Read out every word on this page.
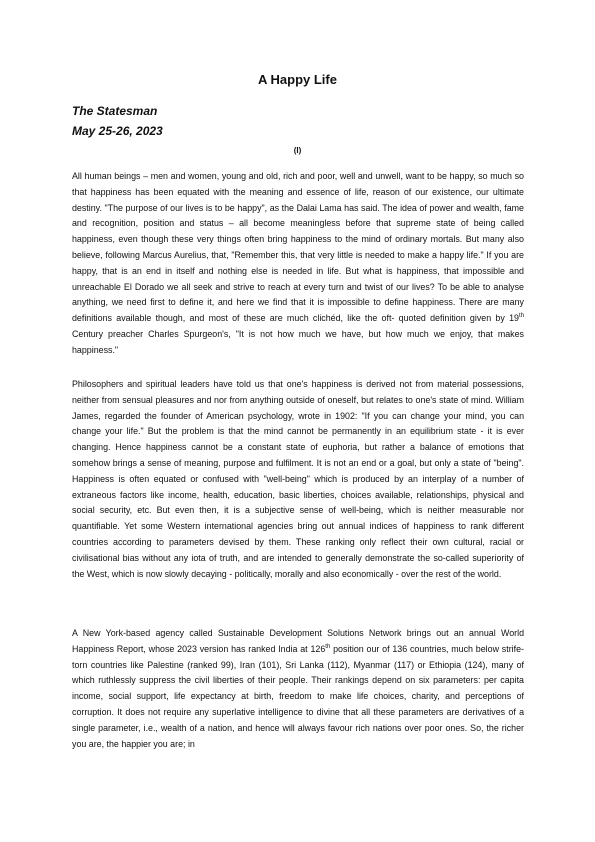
A Happy Life
The Statesman
May 25-26, 2023
(I)

All human beings – men and women, young and old, rich and poor, well and unwell, want to be happy, so much so that happiness has been equated with the meaning and essence of life, reason of our existence, our ultimate destiny. "The purpose of our lives is to be happy", as the Dalai Lama has said. The idea of power and wealth, fame and recognition, position and status – all become meaningless before that supreme state of being called happiness, even though these very things often bring happiness to the mind of ordinary mortals. But many also believe, following Marcus Aurelius, that, "Remember this, that very little is needed to make a happy life." If you are happy, that is an end in itself and nothing else is needed in life. But what is happiness, that impossible and unreachable El Dorado we all seek and strive to reach at every turn and twist of our lives? To be able to analyse anything, we need first to define it, and here we find that it is impossible to define happiness. There are many definitions available though, and most of these are much clichéd, like the oft- quoted definition given by 19th Century preacher Charles Spurgeon's, "It is not how much we have, but how much we enjoy, that makes happiness."

Philosophers and spiritual leaders have told us that one's happiness is derived not from material possessions, neither from sensual pleasures and nor from anything outside of oneself, but relates to one's state of mind. William James, regarded the founder of American psychology, wrote in 1902: "If you can change your mind, you can change your life." But the problem is that the mind cannot be permanently in an equilibrium state - it is ever changing. Hence happiness cannot be a constant state of euphoria, but rather a balance of emotions that somehow brings a sense of meaning, purpose and fulfilment. It is not an end or a goal, but only a state of "being". Happiness is often equated or confused with "well-being" which is produced by an interplay of a number of extraneous factors like income, health, education, basic liberties, choices available, relationships, physical and social security, etc. But even then, it is a subjective sense of well-being, which is neither measurable nor quantifiable. Yet some Western international agencies bring out annual indices of happiness to rank different countries according to parameters devised by them. These ranking only reflect their own cultural, racial or civilisational bias without any iota of truth, and are intended to generally demonstrate the so-called superiority of the West, which is now slowly decaying - politically, morally and also economically - over the rest of the world.

A New York-based agency called Sustainable Development Solutions Network brings out an annual World Happiness Report, whose 2023 version has ranked India at 126th position our of 136 countries, much below strife-torn countries like Palestine (ranked 99), Iran (101), Sri Lanka (112), Myanmar (117) or Ethiopia (124), many of which ruthlessly suppress the civil liberties of their people. Their rankings depend on six parameters: per capita income, social support, life expectancy at birth, freedom to make life choices, charity, and perceptions of corruption. It does not require any superlative intelligence to divine that all these parameters are derivatives of a single parameter, i.e., wealth of a nation, and hence will always favour rich nations over poor ones. So, the richer you are, the happier you are; in
